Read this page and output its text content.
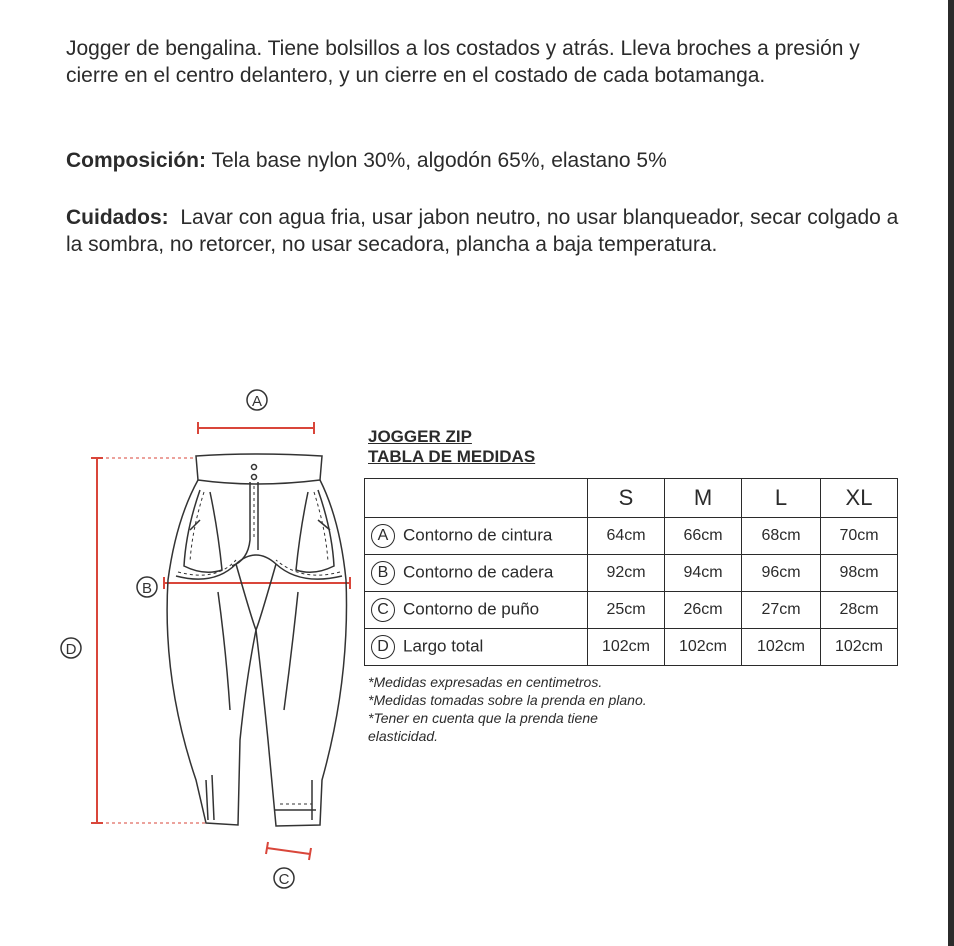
Jogger de bengalina. Tiene bolsillos a los costados y atrás. Lleva broches a presión y cierre en el centro delantero, y un cierre en el costado de cada botamanga.

Composición: Tela base nylon 30%, algodón 65%, elastano 5%

Cuidados:  Lavar con agua fria, usar jabon neutro, no usar blanqueador, secar colgado a la sombra, no retorcer, no usar secadora, plancha a baja temperatura.

A
D
B
C
JOGGER ZIP
TABLA DE MEDIDAS
	S	M	L	XL
A Contorno de cintura	64cm	66cm	68cm	70cm
B Contorno de cadera	92cm	94cm	96cm	98cm
C Contorno de puño	25cm	26cm	27cm	28cm
D Largo total	102cm	102cm	102cm	102cm
*Medidas expresadas en centimetros.
*Medidas tomadas sobre la prenda en plano.
*Tener en cuenta que la prenda tiene elasticidad.
